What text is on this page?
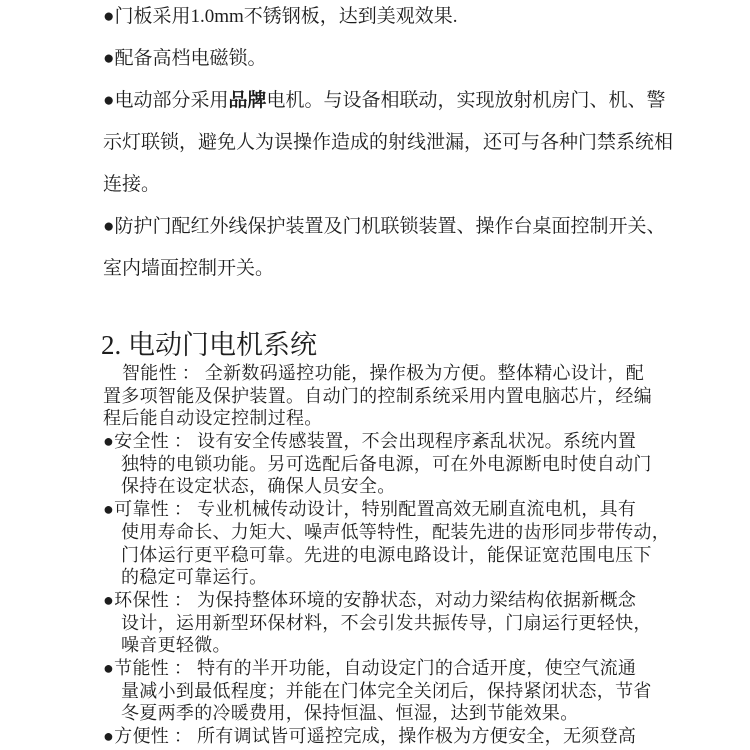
●门板采用1.0mm不锈钢板，达到美观效果.
●配备高档电磁锁。
●电动部分采用品牌电机。与设备相联动，实现放射机房门、机、警
示灯联锁，避免人为误操作造成的射线泄漏，还可与各种门禁系统相
连接。
●防护门配红外线保护装置及门机联锁装置、操作台桌面控制开关、
室内墙面控制开关。
2. 电动门电机系统
智能性 ： 全新数码遥控功能，操作极为方便。整体精心设计，配
置多项智能及保护装置。自动门的控制系统采用内置电脑芯片，经编
程后能自动设定控制过程。
●安全性 ： 设有安全传感装置，不会出现程序紊乱状况。系统内置
独特的电锁功能。另可选配后备电源，可在外电源断电时使自动门
保持在设定状态，确保人员安全。
●可靠性 ： 专业机械传动设计，特别配置高效无刷直流电机，具有
使用寿命长、力矩大、噪声低等特性，配装先进的齿形同步带传动，
门体运行更平稳可靠。先进的电源电路设计，能保证宽范围电压下
的稳定可靠运行。
●环保性 ： 为保持整体环境的安静状态，对动力梁结构依据新概念
设计，运用新型环保材料，不会引发共振传导，门扇运行更轻快，
噪音更轻微。
●节能性 ： 特有的半开功能，自动设定门的合适开度，使空气流通
量减小到最低程度；并能在门体完全关闭后，保持紧闭状态，节省
冬夏两季的冷暖费用，保持恒温、恒湿，达到节能效果。
●方便性 ： 所有调试皆可遥控完成，操作极为方便安全，无须登高
